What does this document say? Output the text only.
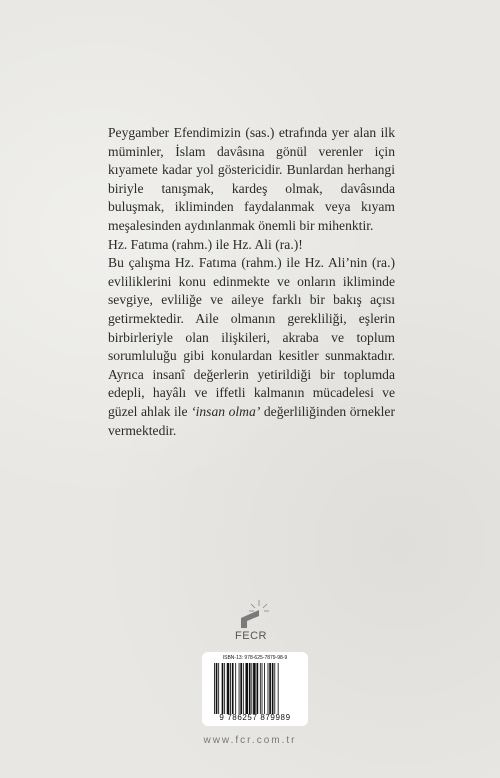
Peygamber Efendimizin (sas.) etrafında yer alan ilk müminler, İslam davâsına gönül verenler için kıyamete kadar yol göstericidir. Bunlardan herhangi biriyle tanışmak, kardeş olmak, davâsında buluşmak, ikliminden faydalanmak veya kıyam meşalesinden aydınlanmak önemli bir mihenktir.

Hz. Fatıma (rahm.) ile Hz. Ali (ra.)!

Bu çalışma Hz. Fatıma (rahm.) ile Hz. Ali’nin (ra.) evliliklerini konu edinmekte ve onların ikliminde sevgiye, evliliğe ve aileye farklı bir bakış açısı getirmektedir. Aile olmanın gerekliliği, eşlerin birbirleriyle olan ilişkileri, akraba ve toplum sorumluluğu gibi konulardan kesitler sunmaktadır. Ayrıca insanî değerlerin yetirildiği bir toplumda edepli, hayâlı ve iffetli kalmanın mücadelesi ve güzel ahlak ile ‘insan olma’ değerliliğinden örnekler vermektedir.

FECR
ISBN-13: 978-625-7879-98-9
9 786257 879989
www.fcr.com.tr
